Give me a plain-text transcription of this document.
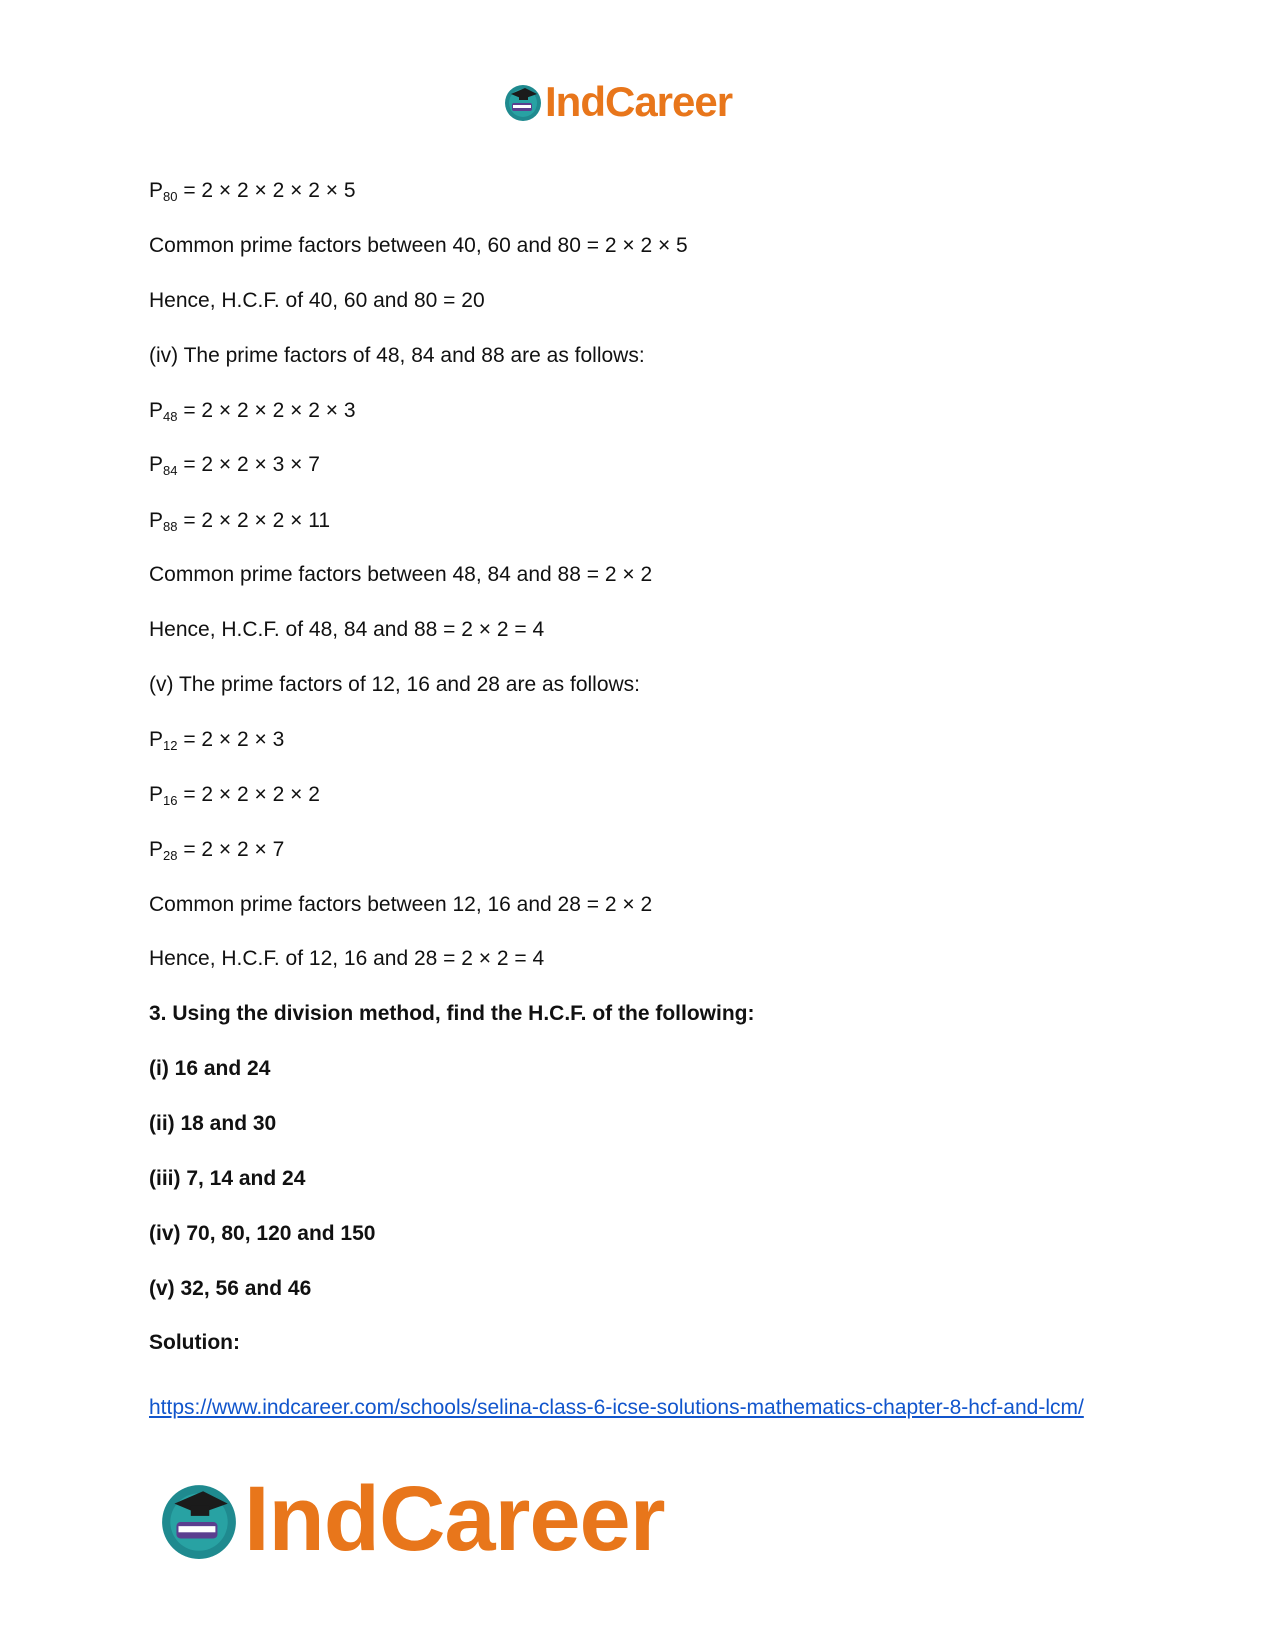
IndCareer
$P_{80} = 2 \times 2 \times 2 \times 2 \times 5$
Common prime factors between 40, 60 and 80 = 2 × 2 × 5
Hence, H.C.F. of 40, 60 and 80 = 20
(iv) The prime factors of 48, 84 and 88 are as follows:
$P_{48} = 2 \times 2 \times 2 \times 2 \times 3$
$P_{84} = 2 \times 2 \times 3 \times 7$
$P_{88} = 2 \times 2 \times 2 \times 11$
Common prime factors between 48, 84 and 88 = 2 × 2
Hence, H.C.F. of 48, 84 and 88 = 2 × 2 = 4
(v) The prime factors of 12, 16 and 28 are as follows:
$P_{12} = 2 \times 2 \times 3$
$P_{16} = 2 \times 2 \times 2 \times 2$
$P_{28} = 2 \times 2 \times 7$
Common prime factors between 12, 16 and 28 = 2 × 2
Hence, H.C.F. of 12, 16 and 28 = 2 × 2 = 4
3. Using the division method, find the H.C.F. of the following:
(i) 16 and 24
(ii) 18 and 30
(iii) 7, 14 and 24
(iv) 70, 80, 120 and 150
(v) 32, 56 and 46
Solution:
https://www.indcareer.com/schools/selina-class-6-icse-solutions-mathematics-chapter-8-hcf-and-lcm/
IndCareer
